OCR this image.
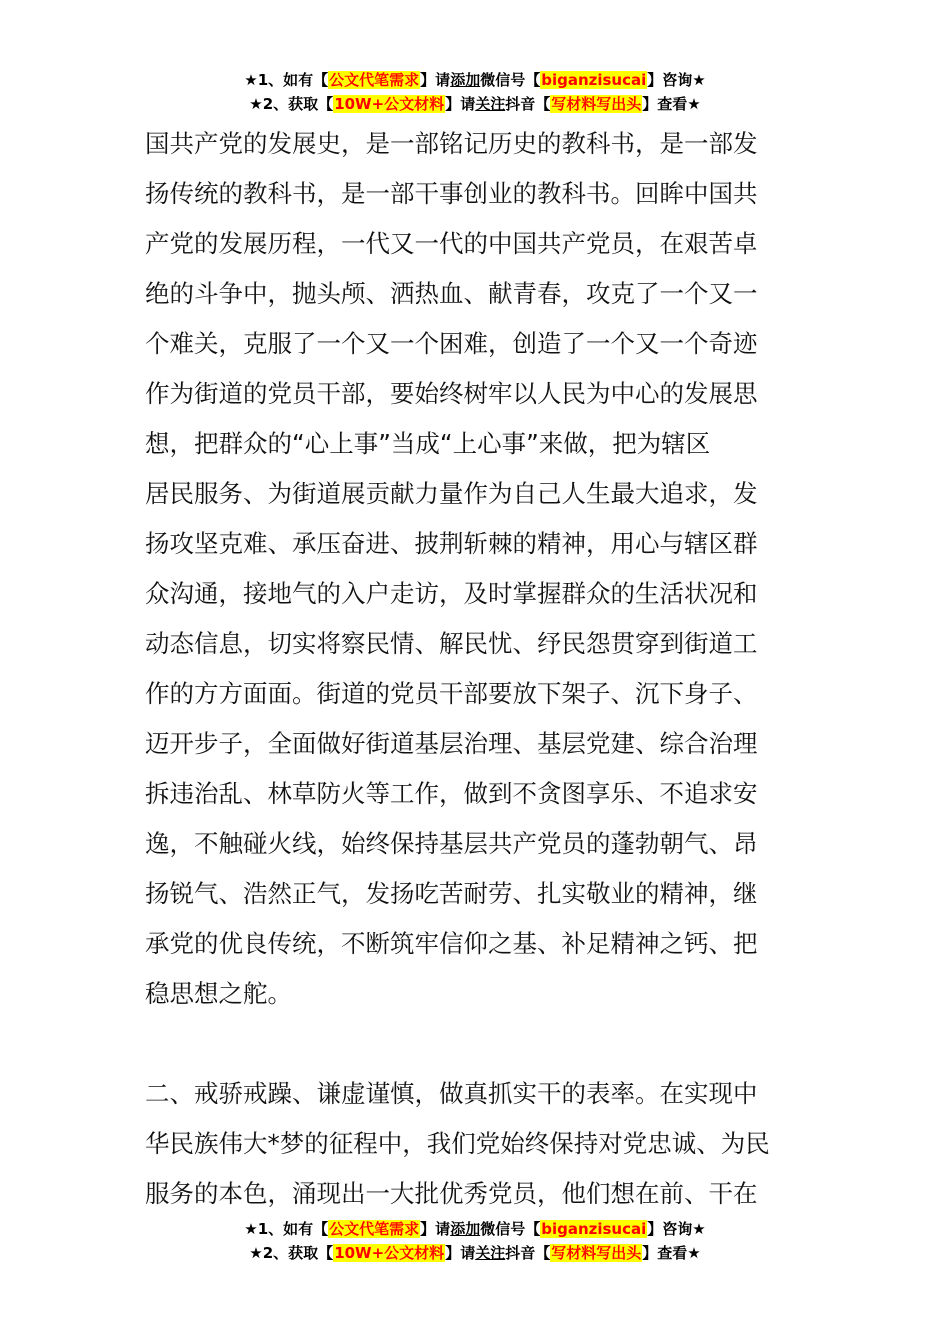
★1、如有【公文代笔需求】请添加微信号【biganzisucai】咨询★
★2、获取【10W+公文材料】请关注抖音【写材料写出头】查看★
国共产党的发展史，是一部铭记历史的教科书，是一部发
扬传统的教科书，是一部干事创业的教科书。回眸中国共
产党的发展历程，一代又一代的中国共产党员，在艰苦卓
绝的斗争中，抛头颅、洒热血、献青春，攻克了一个又一
个难关，克服了一个又一个困难，创造了一个又一个奇迹
作为街道的党员干部，要始终树牢以人民为中心的发展思
想，把群众的“心上事”当成“上心事”来做，把为辖区
居民服务、为街道展贡献力量作为自己人生最大追求，发
扬攻坚克难、承压奋进、披荆斩棘的精神，用心与辖区群
众沟通，接地气的入户走访，及时掌握群众的生活状况和
动态信息，切实将察民情、解民忧、纾民怨贯穿到街道工
作的方方面面。街道的党员干部要放下架子、沉下身子、
迈开步子，全面做好街道基层治理、基层党建、综合治理
拆违治乱、林草防火等工作，做到不贪图享乐、不追求安
逸，不触碰火线，始终保持基层共产党员的蓬勃朝气、昂
扬锐气、浩然正气，发扬吃苦耐劳、扎实敬业的精神，继
承党的优良传统，不断筑牢信仰之基、补足精神之钙、把
稳思想之舵。
二、戒骄戒躁、谦虚谨慎，做真抓实干的表率。在实现中
华民族伟大*梦的征程中，我们党始终保持对党忠诚、为民
服务的本色，涌现出一大批优秀党员，他们想在前、干在
★1、如有【公文代笔需求】请添加微信号【biganzisucai】咨询★
★2、获取【10W+公文材料】请关注抖音【写材料写出头】查看★
